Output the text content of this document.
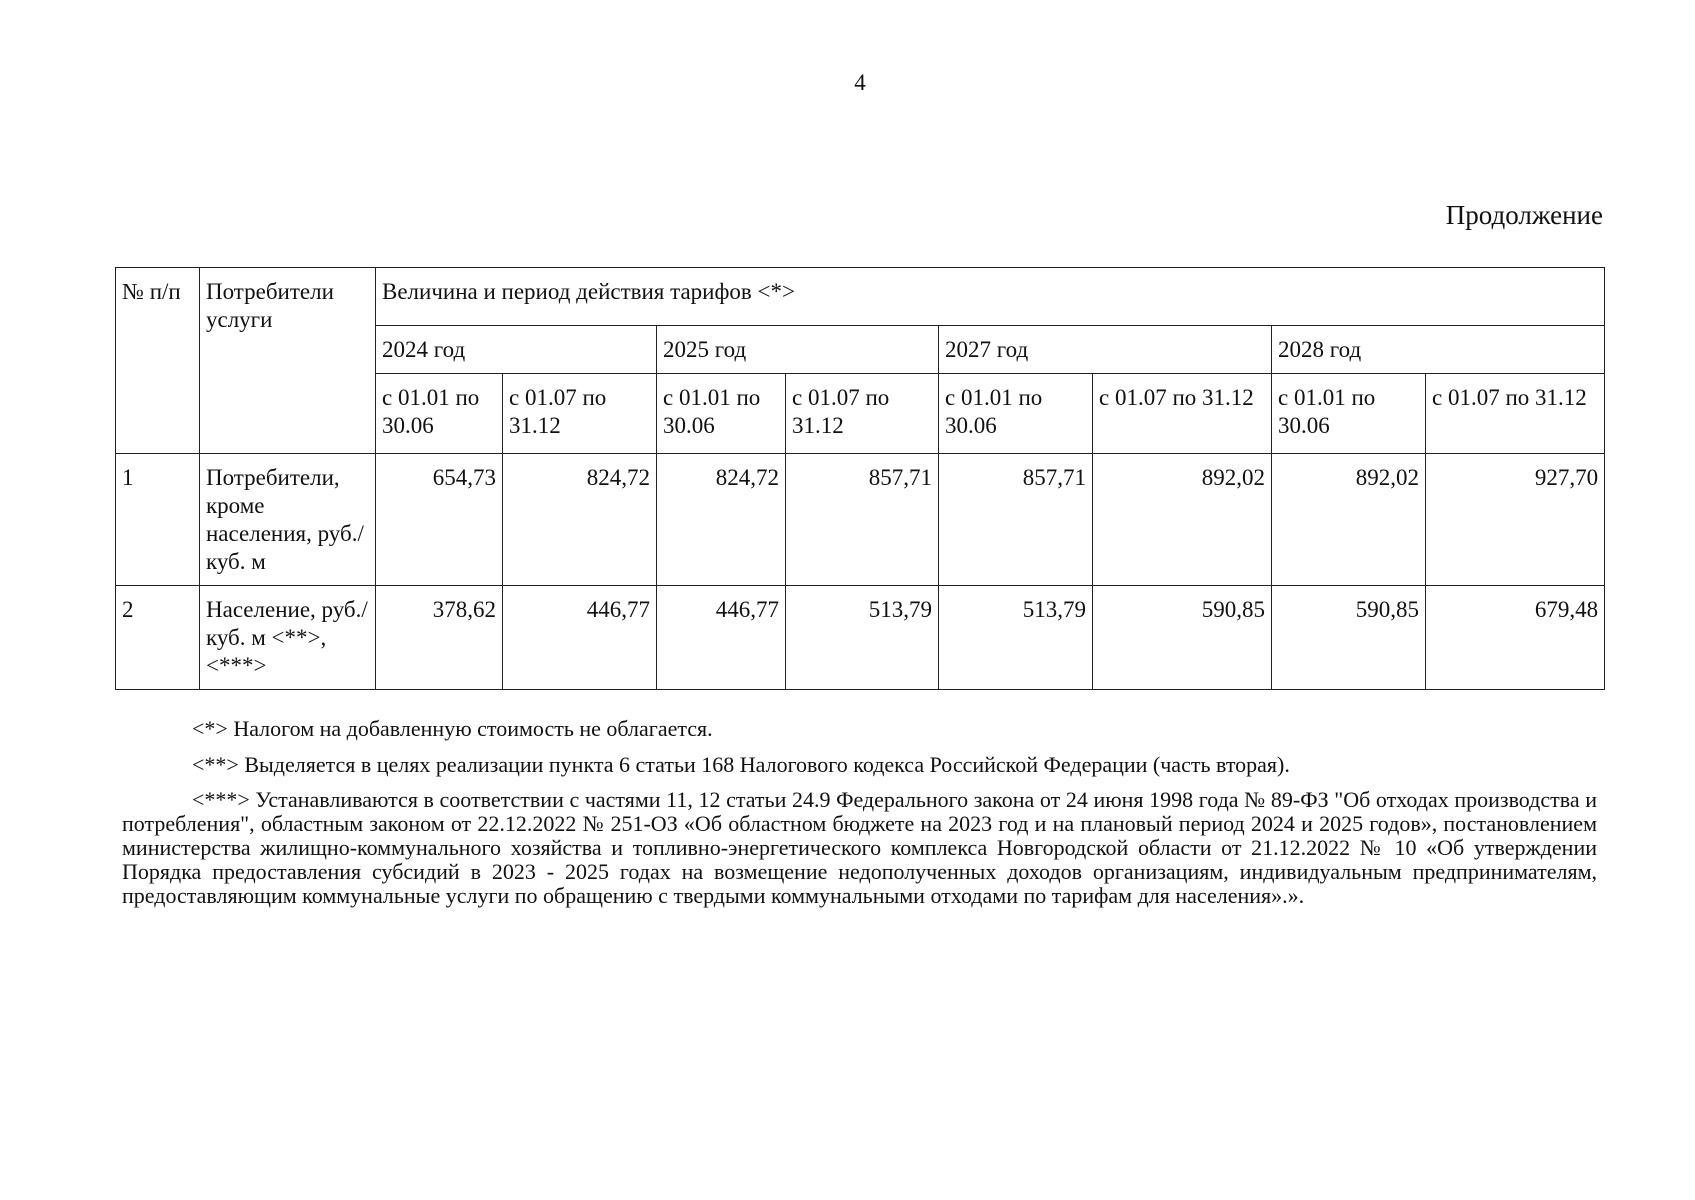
4
Продолжение
№ п/п	Потребители услуги	Величина и период действия тарифов <*>							
		2024 год		2025 год		2027 год		2028 год	
		с 01.01 по 30.06	с 01.07 по 31.12	с 01.01 по 30.06	с 01.07 по 31.12	с 01.01 по 30.06	с 01.07 по 31.12	с 01.01 по 30.06	с 01.07 по 31.12
1	Потребители, кроме населения, руб./куб. м	654,73	824,72	824,72	857,71	857,71	892,02	892,02	927,70
2	Население, руб./куб. м <**>, <***>	378,62	446,77	446,77	513,79	513,79	590,85	590,85	679,48

<*> Налогом на добавленную стоимость не облагается.

<**> Выделяется в целях реализации пункта 6 статьи 168 Налогового кодекса Российской Федерации (часть вторая).

<***> Устанавливаются в соответствии с частями 11, 12 статьи 24.9 Федерального закона от 24 июня 1998 года № 89-ФЗ "Об отходах производства и потребления", областным законом от 22.12.2022 № 251-ОЗ «Об областном бюджете на 2023 год и на плановый период 2024 и 2025 годов», постановлением министерства жилищно-коммунального хозяйства и топливно-энергетического комплекса Новгородской области от 21.12.2022 № 10 «Об утверждении Порядка предоставления субсидий в 2023 - 2025 годах на возмещение недополученных доходов организациям, индивидуальным предпринимателям, предоставляющим коммунальные услуги по обращению с твердыми коммунальными отходами по тарифам для населения».».
